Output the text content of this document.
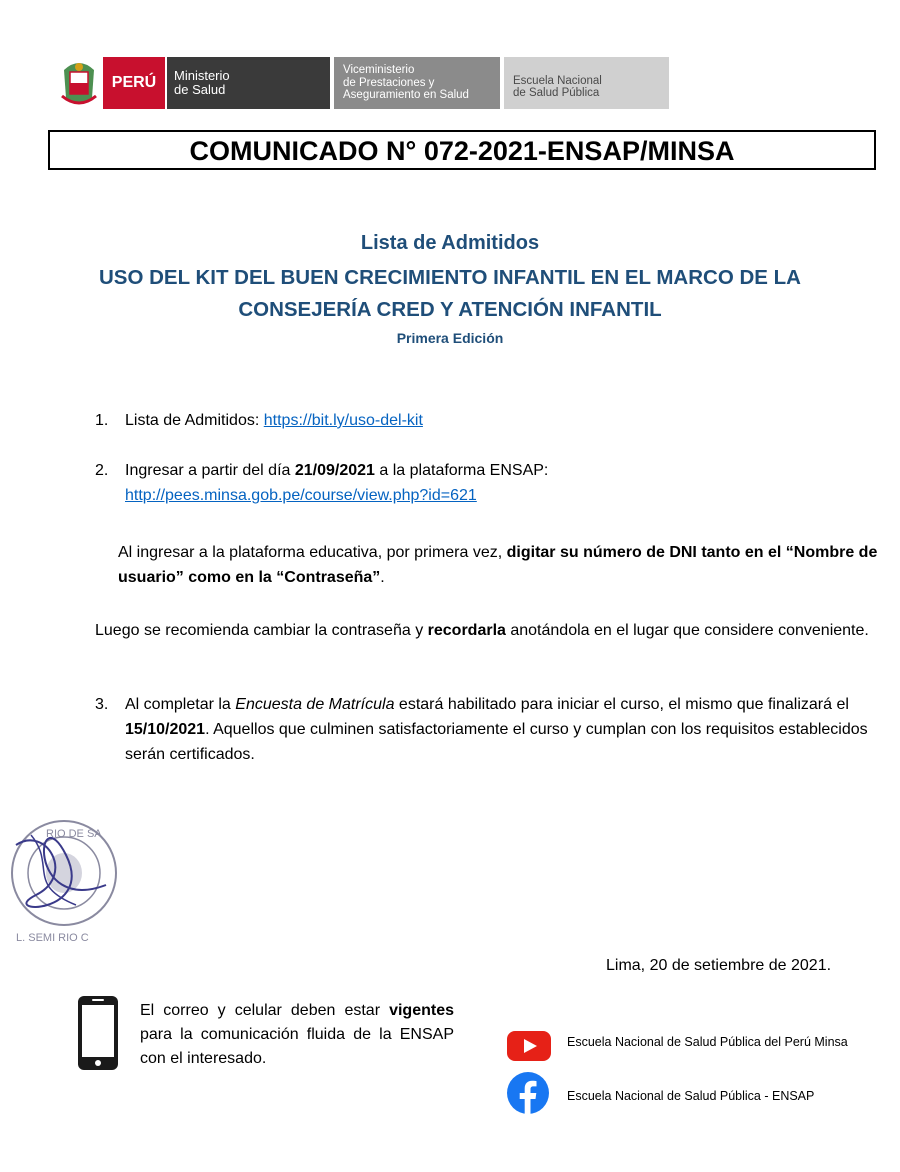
PERÚ Ministerio
de Salud
Viceministerio
de Prestaciones y
Aseguramiento en Salud
Escuela Nacional
de Salud Pública
COMUNICADO N° 072-2021-ENSAP/MINSA
Lista de Admitidos
USO DEL KIT DEL BUEN CRECIMIENTO INFANTIL EN EL MARCO DE LA
CONSEJERÍA CRED Y ATENCIÓN INFANTIL
Primera Edición
1. Lista de Admitidos: https://bit.ly/uso-del-kit
2. Ingresar a partir del día 21/09/2021 a la plataforma ENSAP:
http://pees.minsa.gob.pe/course/view.php?id=621
Al ingresar a la plataforma educativa, por primera vez, digitar su número de DNI tanto en el “Nombre de usuario” como en la “Contraseña”.
Luego se recomienda cambiar la contraseña y recordarla anotándola en el lugar que considere conveniente.
3.	Al completar la Encuesta de Matrícula estará habilitado para iniciar el curso, el mismo que finalizará el 15/10/2021. Aquellos que culminen satisfactoriamente el curso y cumplan con los requisitos establecidos serán certificados.
RIO DE SA
L. SEMI RIO C
Lima, 20 de setiembre de 2021.
El correo y celular deben estar vigentes para la comunicación fluida de la ENSAP con el interesado.
Escuela Nacional de Salud Pública del Perú Minsa
Escuela Nacional de Salud Pública - ENSAP
